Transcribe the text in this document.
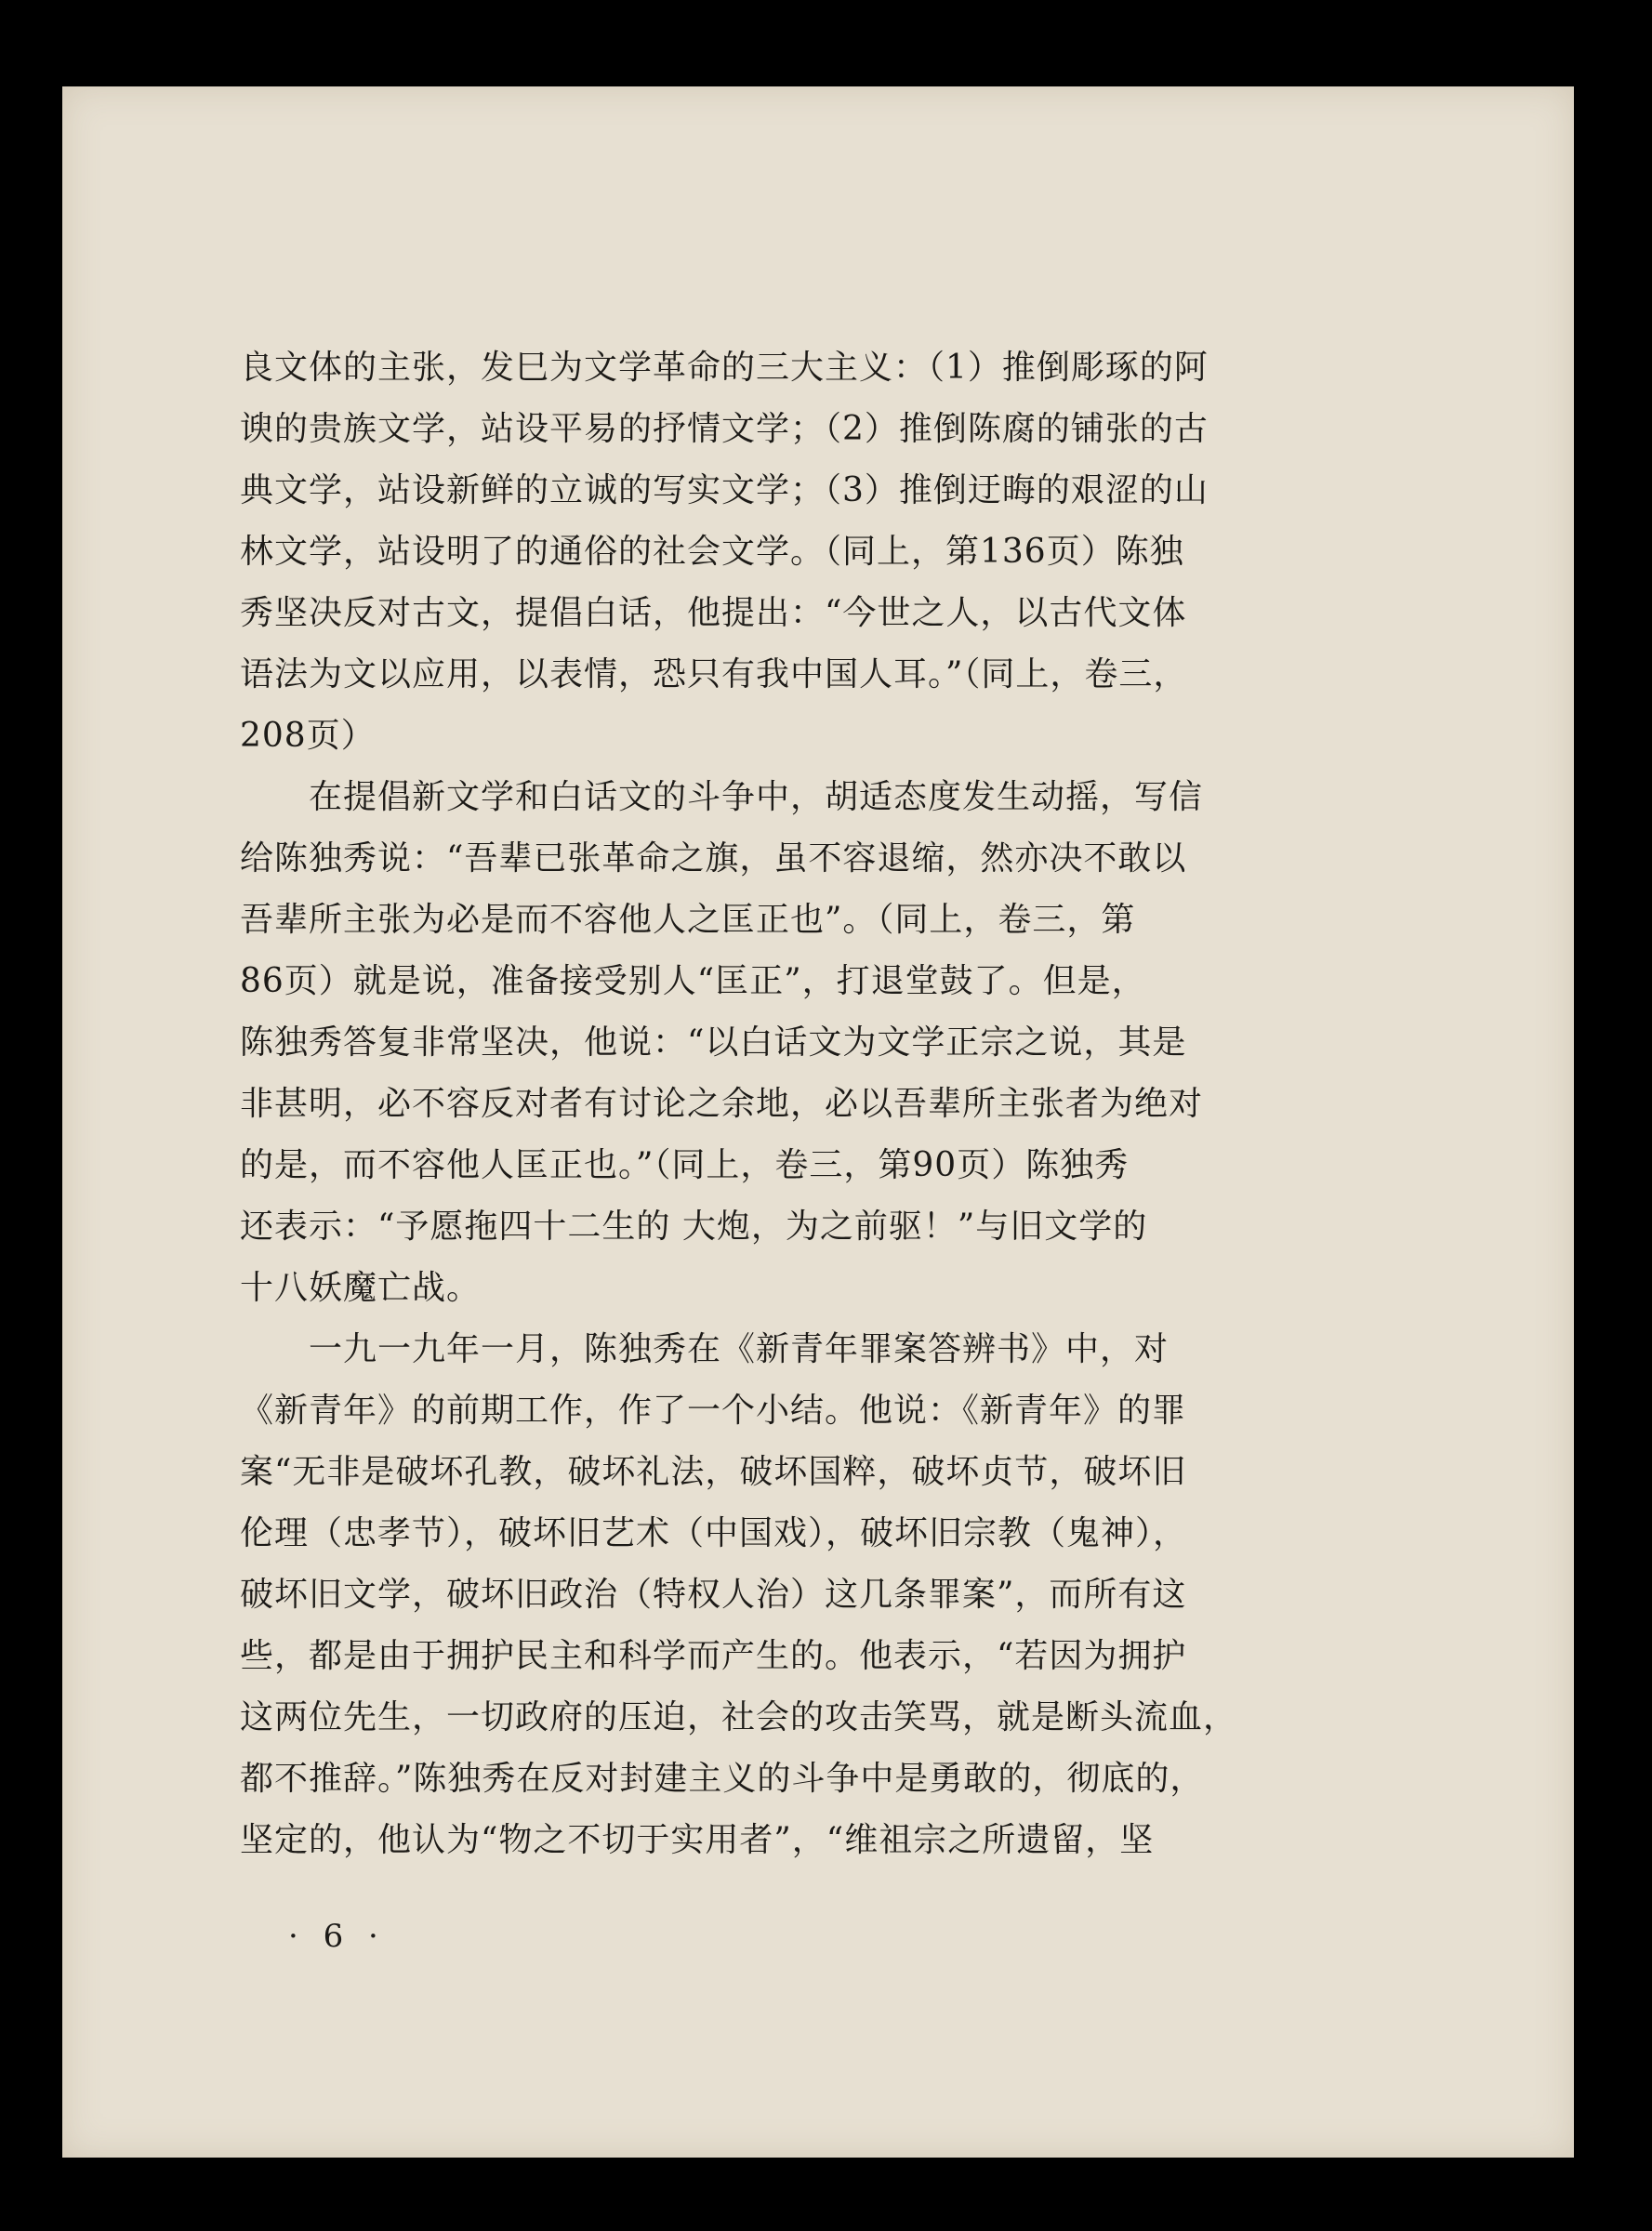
良文体的主张，发巳为文学革命的三大主义：（1）推倒彫琢的阿
谀的贵族文学，站设平易的抒情文学；（2）推倒陈腐的铺张的古
典文学，站设新鲜的立诚的写实文学；（3）推倒迂晦的艰涩的山
林文学，站设明了的通俗的社会文学。（同上，第136页）陈独
秀坚决反对古文，提倡白话，他提出：“今世之人，以古代文体
语法为文以应用，以表情，恐只有我中国人耳。”（同上，卷三，
208页）
　　在提倡新文学和白话文的斗争中，胡适态度发生动摇，写信
给陈独秀说：“吾辈已张革命之旗，虽不容退缩，然亦决不敢以
吾辈所主张为必是而不容他人之匡正也”。（同上，卷三，第
86页）就是说，准备接受别人“匡正”，打退堂鼓了。但是，
陈独秀答复非常坚决，他说：“以白话文为文学正宗之说，其是
非甚明，必不容反对者有讨论之余地，必以吾辈所主张者为绝对
的是，而不容他人匡正也。”（同上，卷三，第90页）陈独秀
还表示：“予愿拖四十二生的 大炮，为之前驱！”与旧文学的
十八妖魔亡战。
　　一九一九年一月，陈独秀在《新青年罪案答辨书》中，对
《新青年》的前期工作，作了一个小结。他说：《新青年》的罪
案“无非是破坏孔教，破坏礼法，破坏国粹，破坏贞节，破坏旧
伦理（忠孝节），破坏旧艺术（中国戏），破坏旧宗教（鬼神），
破坏旧文学，破坏旧政治（特权人治）这几条罪案”，而所有这
些，都是由于拥护民主和科学而产生的。他表示，“若因为拥护
这两位先生，一切政府的压迫，社会的攻击笑骂，就是断头流血，
都不推辞。”陈独秀在反对封建主义的斗争中是勇敢的，彻底的，
坚定的，他认为“物之不切于实用者”，“维祖宗之所遗留，坚
· 6 ·
